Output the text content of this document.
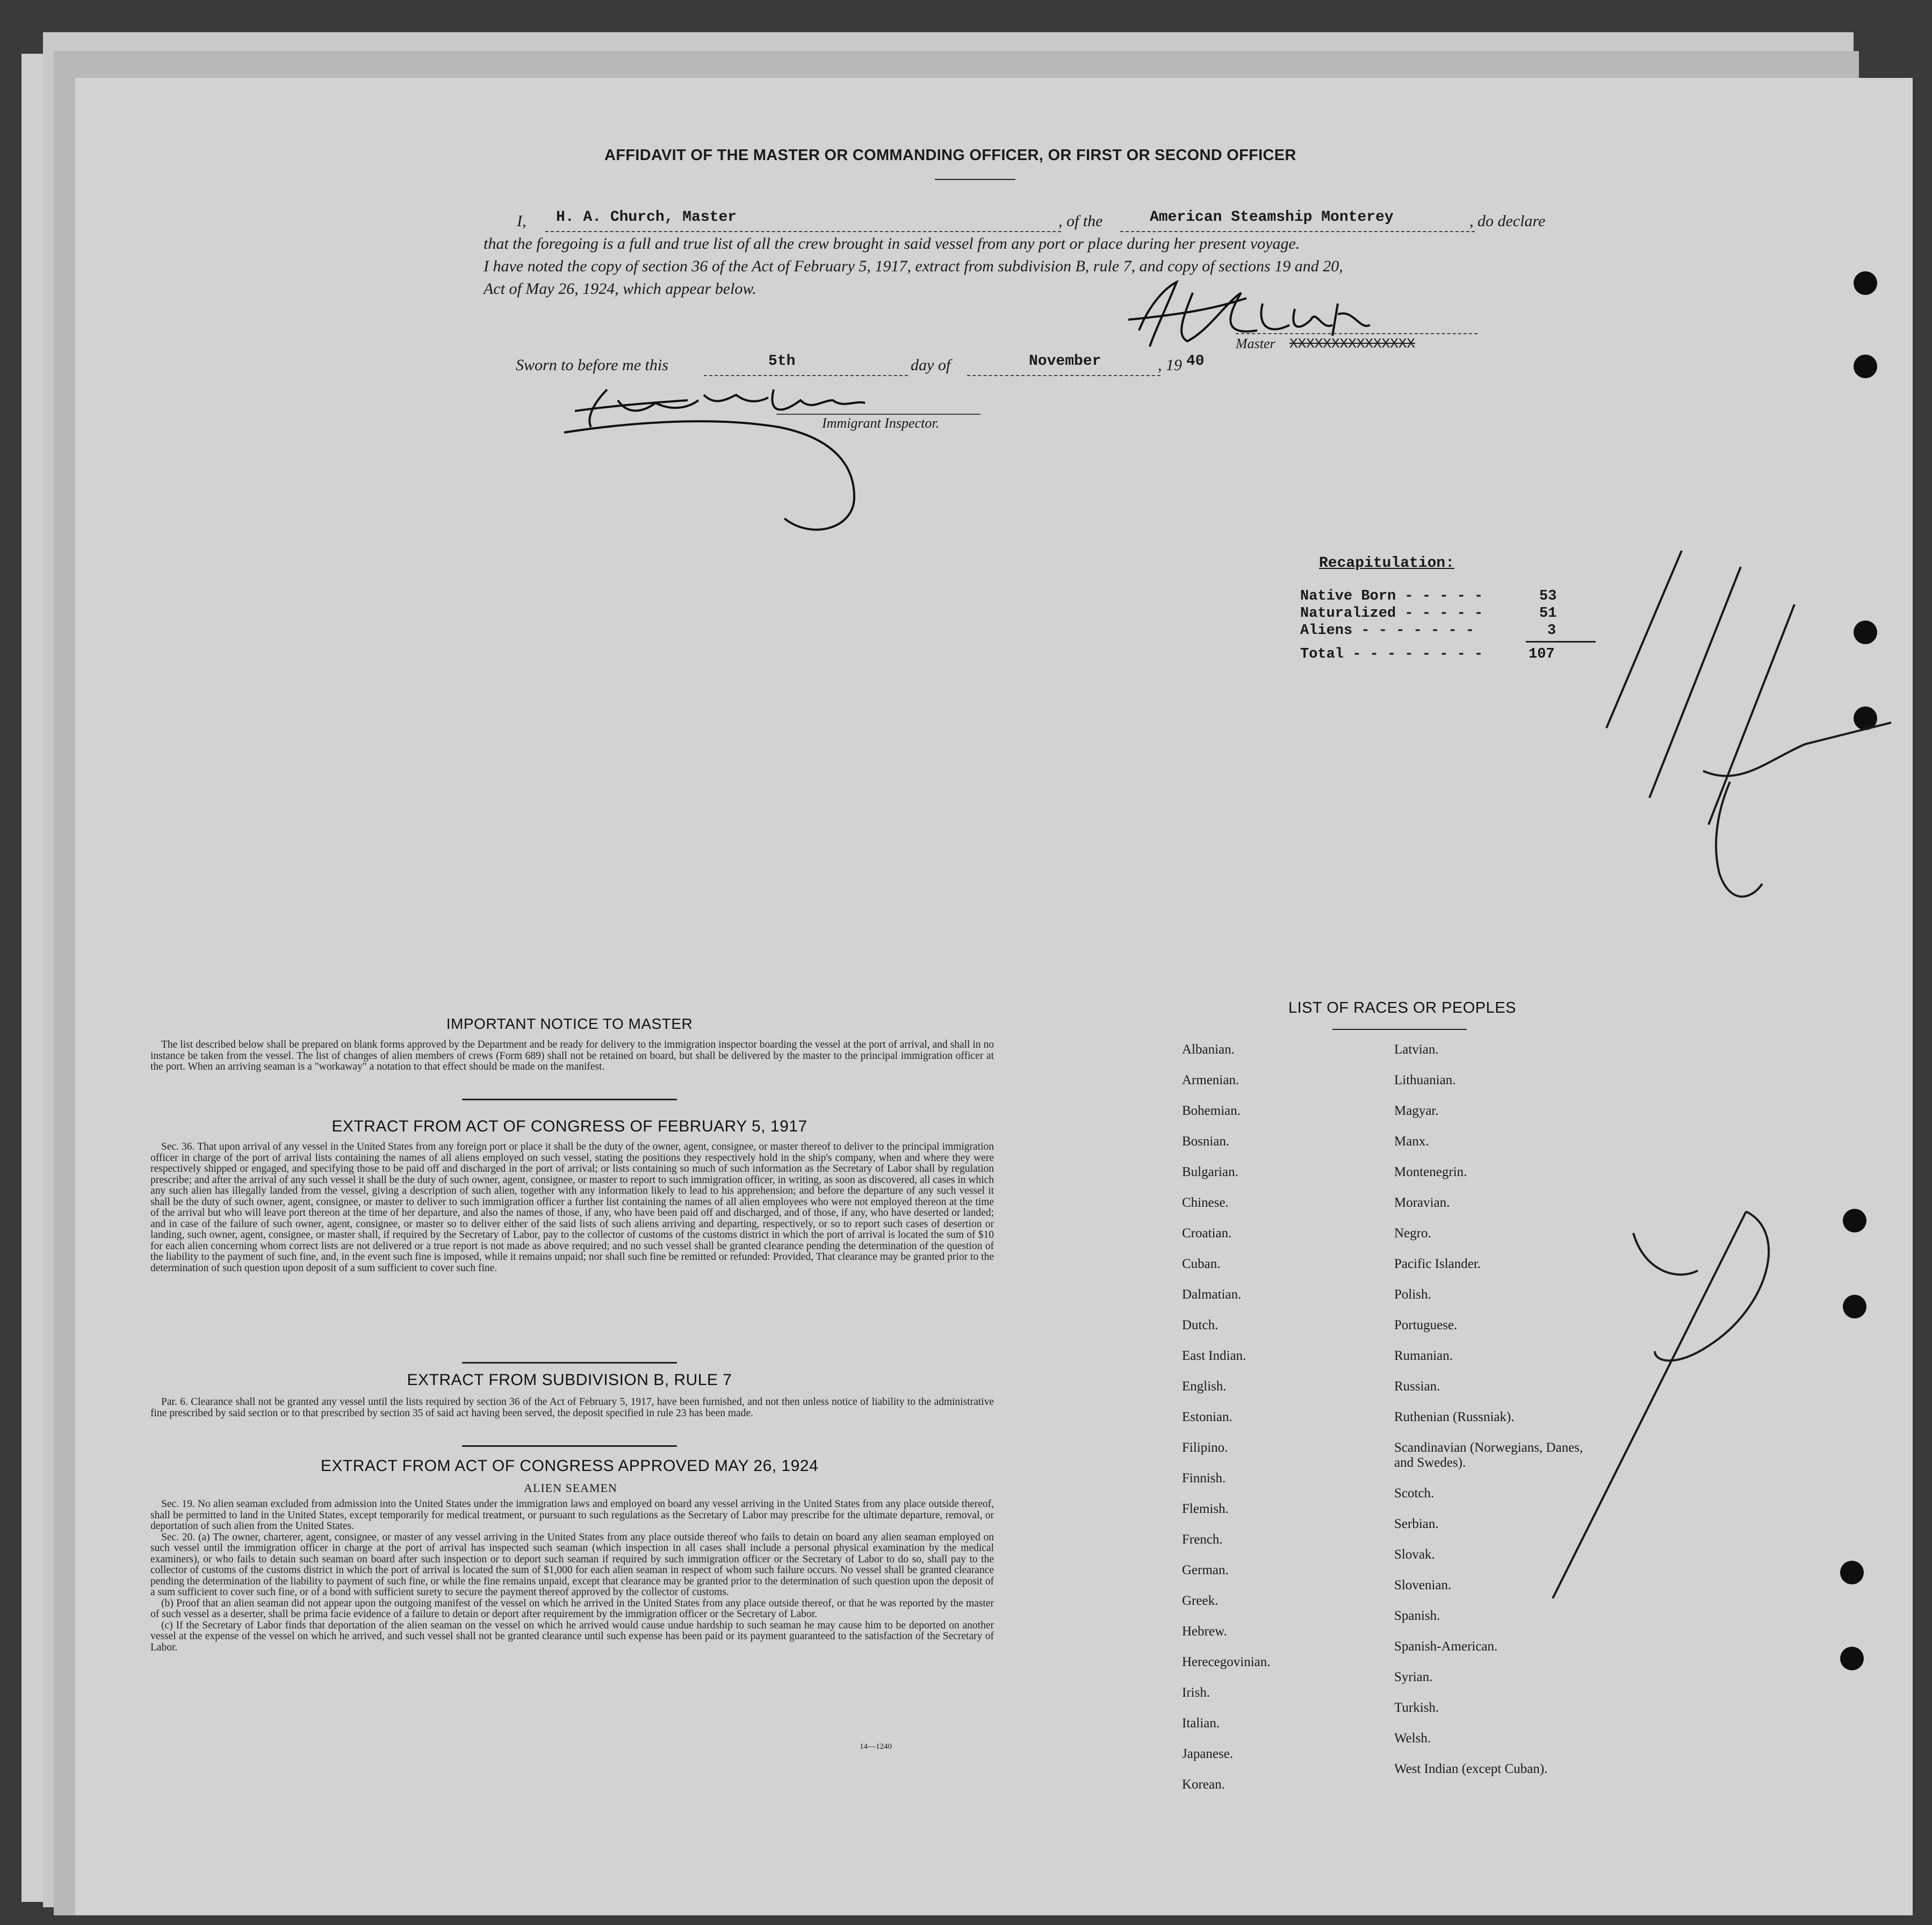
AFFIDAVIT OF THE MASTER OR COMMANDING OFFICER, OR FIRST OR SECOND OFFICER
I, H. A. Church, Master	, of the	American Steamship Monterey	, do declare
that the foregoing is a full and true list of all the crew brought in said vessel from any port or place during her present voyage.
I have noted the copy of section 36 of the Act of February 5, 1917, extract from subdivision B, rule 7, and copy of sections 19 and 20,
Act of May 26, 1924, which appear below.
Master XXXXXXXXXXXXXXX
Sworn to before me this	5th	day of	November	, 19 40
Immigrant Inspector.
Recapitulation:
Native Born - - - - -	53
Naturalized - - - - -	51
Aliens - - - - - - -	3
Total - - - - - - - -	107
IMPORTANT NOTICE TO MASTER

The list described below shall be prepared on blank forms approved by the Department and be ready for delivery to the immigration inspector boarding the vessel at the port of arrival, and shall in no instance be taken from the vessel. The list of changes of alien members of crews (Form 689) shall not be retained on board, but shall be delivered by the master to the principal immigration officer at the port. When an arriving seaman is a "workaway" a notation to that effect should be made on the manifest.

EXTRACT FROM ACT OF CONGRESS OF FEBRUARY 5, 1917

Sec. 36. That upon arrival of any vessel in the United States from any foreign port or place it shall be the duty of the owner, agent, consignee, or master thereof to deliver to the principal immigration officer in charge of the port of arrival lists containing the names of all aliens employed on such vessel, stating the positions they respectively hold in the ship's company, when and where they were respectively shipped or engaged, and specifying those to be paid off and discharged in the port of arrival; or lists containing so much of such information as the Secretary of Labor shall by regulation prescribe; and after the arrival of any such vessel it shall be the duty of such owner, agent, consignee, or master to report to such immigration officer, in writing, as soon as discovered, all cases in which any such alien has illegally landed from the vessel, giving a description of such alien, together with any information likely to lead to his apprehension; and before the departure of any such vessel it shall be the duty of such owner, agent, consignee, or master to deliver to such immigration officer a further list containing the names of all alien employees who were not employed thereon at the time of the arrival but who will leave port thereon at the time of her departure, and also the names of those, if any, who have been paid off and discharged, and of those, if any, who have deserted or landed; and in case of the failure of such owner, agent, consignee, or master so to deliver either of the said lists of such aliens arriving and departing, respectively, or so to report such cases of desertion or landing, such owner, agent, consignee, or master shall, if required by the Secretary of Labor, pay to the collector of customs of the customs district in which the port of arrival is located the sum of $10 for each alien concerning whom correct lists are not delivered or a true report is not made as above required; and no such vessel shall be granted clearance pending the determination of the question of the liability to the payment of such fine, and, in the event such fine is imposed, while it remains unpaid; nor shall such fine be remitted or refunded: Provided, That clearance may be granted prior to the determination of such question upon deposit of a sum sufficient to cover such fine.

EXTRACT FROM SUBDIVISION B, RULE 7

Par. 6. Clearance shall not be granted any vessel until the lists required by section 36 of the Act of February 5, 1917, have been furnished, and not then unless notice of liability to the administrative fine prescribed by said section or to that prescribed by section 35 of said act having been served, the deposit specified in rule 23 has been made.

EXTRACT FROM ACT OF CONGRESS APPROVED MAY 26, 1924
ALIEN SEAMEN

Sec. 19. No alien seaman excluded from admission into the United States under the immigration laws and employed on board any vessel arriving in the United States from any place outside thereof, shall be permitted to land in the United States, except temporarily for medical treatment, or pursuant to such regulations as the Secretary of Labor may prescribe for the ultimate departure, removal, or deportation of such alien from the United States.

Sec. 20. (a) The owner, charterer, agent, consignee, or master of any vessel arriving in the United States from any place outside thereof who fails to detain on board any alien seaman employed on such vessel until the immigration officer in charge at the port of arrival has inspected such seaman (which inspection in all cases shall include a personal physical examination by the medical examiners), or who fails to detain such seaman on board after such inspection or to deport such seaman if required by such immigration officer or the Secretary of Labor to do so, shall pay to the collector of customs of the customs district in which the port of arrival is located the sum of $1,000 for each alien seaman in respect of whom such failure occurs. No vessel shall be granted clearance pending the determination of the liability to payment of such fine, or while the fine remains unpaid, except that clearance may be granted prior to the determination of such question upon the deposit of a sum sufficient to cover such fine, or of a bond with sufficient surety to secure the payment thereof approved by the collector of customs.

(b) Proof that an alien seaman did not appear upon the outgoing manifest of the vessel on which he arrived in the United States from any place outside thereof, or that he was reported by the master of such vessel as a deserter, shall be prima facie evidence of a failure to detain or deport after requirement by the immigration officer or the Secretary of Labor.

(c) If the Secretary of Labor finds that deportation of the alien seaman on the vessel on which he arrived would cause undue hardship to such seaman he may cause him to be deported on another vessel at the expense of the vessel on which he arrived, and such vessel shall not be granted clearance until such expense has been paid or its payment guaranteed to the satisfaction of the Secretary of Labor.

14—1240
LIST OF RACES OR PEOPLES
Albanian.
Armenian.
Bohemian.
Bosnian.
Bulgarian.
Chinese.
Croatian.
Cuban.
Dalmatian.
Dutch.
East Indian.
English.
Estonian.
Filipino.
Finnish.
Flemish.
French.
German.
Greek.
Hebrew.
Herecegovinian.
Irish.
Italian.
Japanese.
Korean.
Latvian.
Lithuanian.
Magyar.
Manx.
Montenegrin.
Moravian.
Negro.
Pacific Islander.
Polish.
Portuguese.
Rumanian.
Russian.
Ruthenian (Russniak).
Scandinavian (Norwegians, Danes, and Swedes).
Scotch.
Serbian.
Slovak.
Slovenian.
Spanish.
Spanish-American.
Syrian.
Turkish.
Welsh.
West Indian (except Cuban).
